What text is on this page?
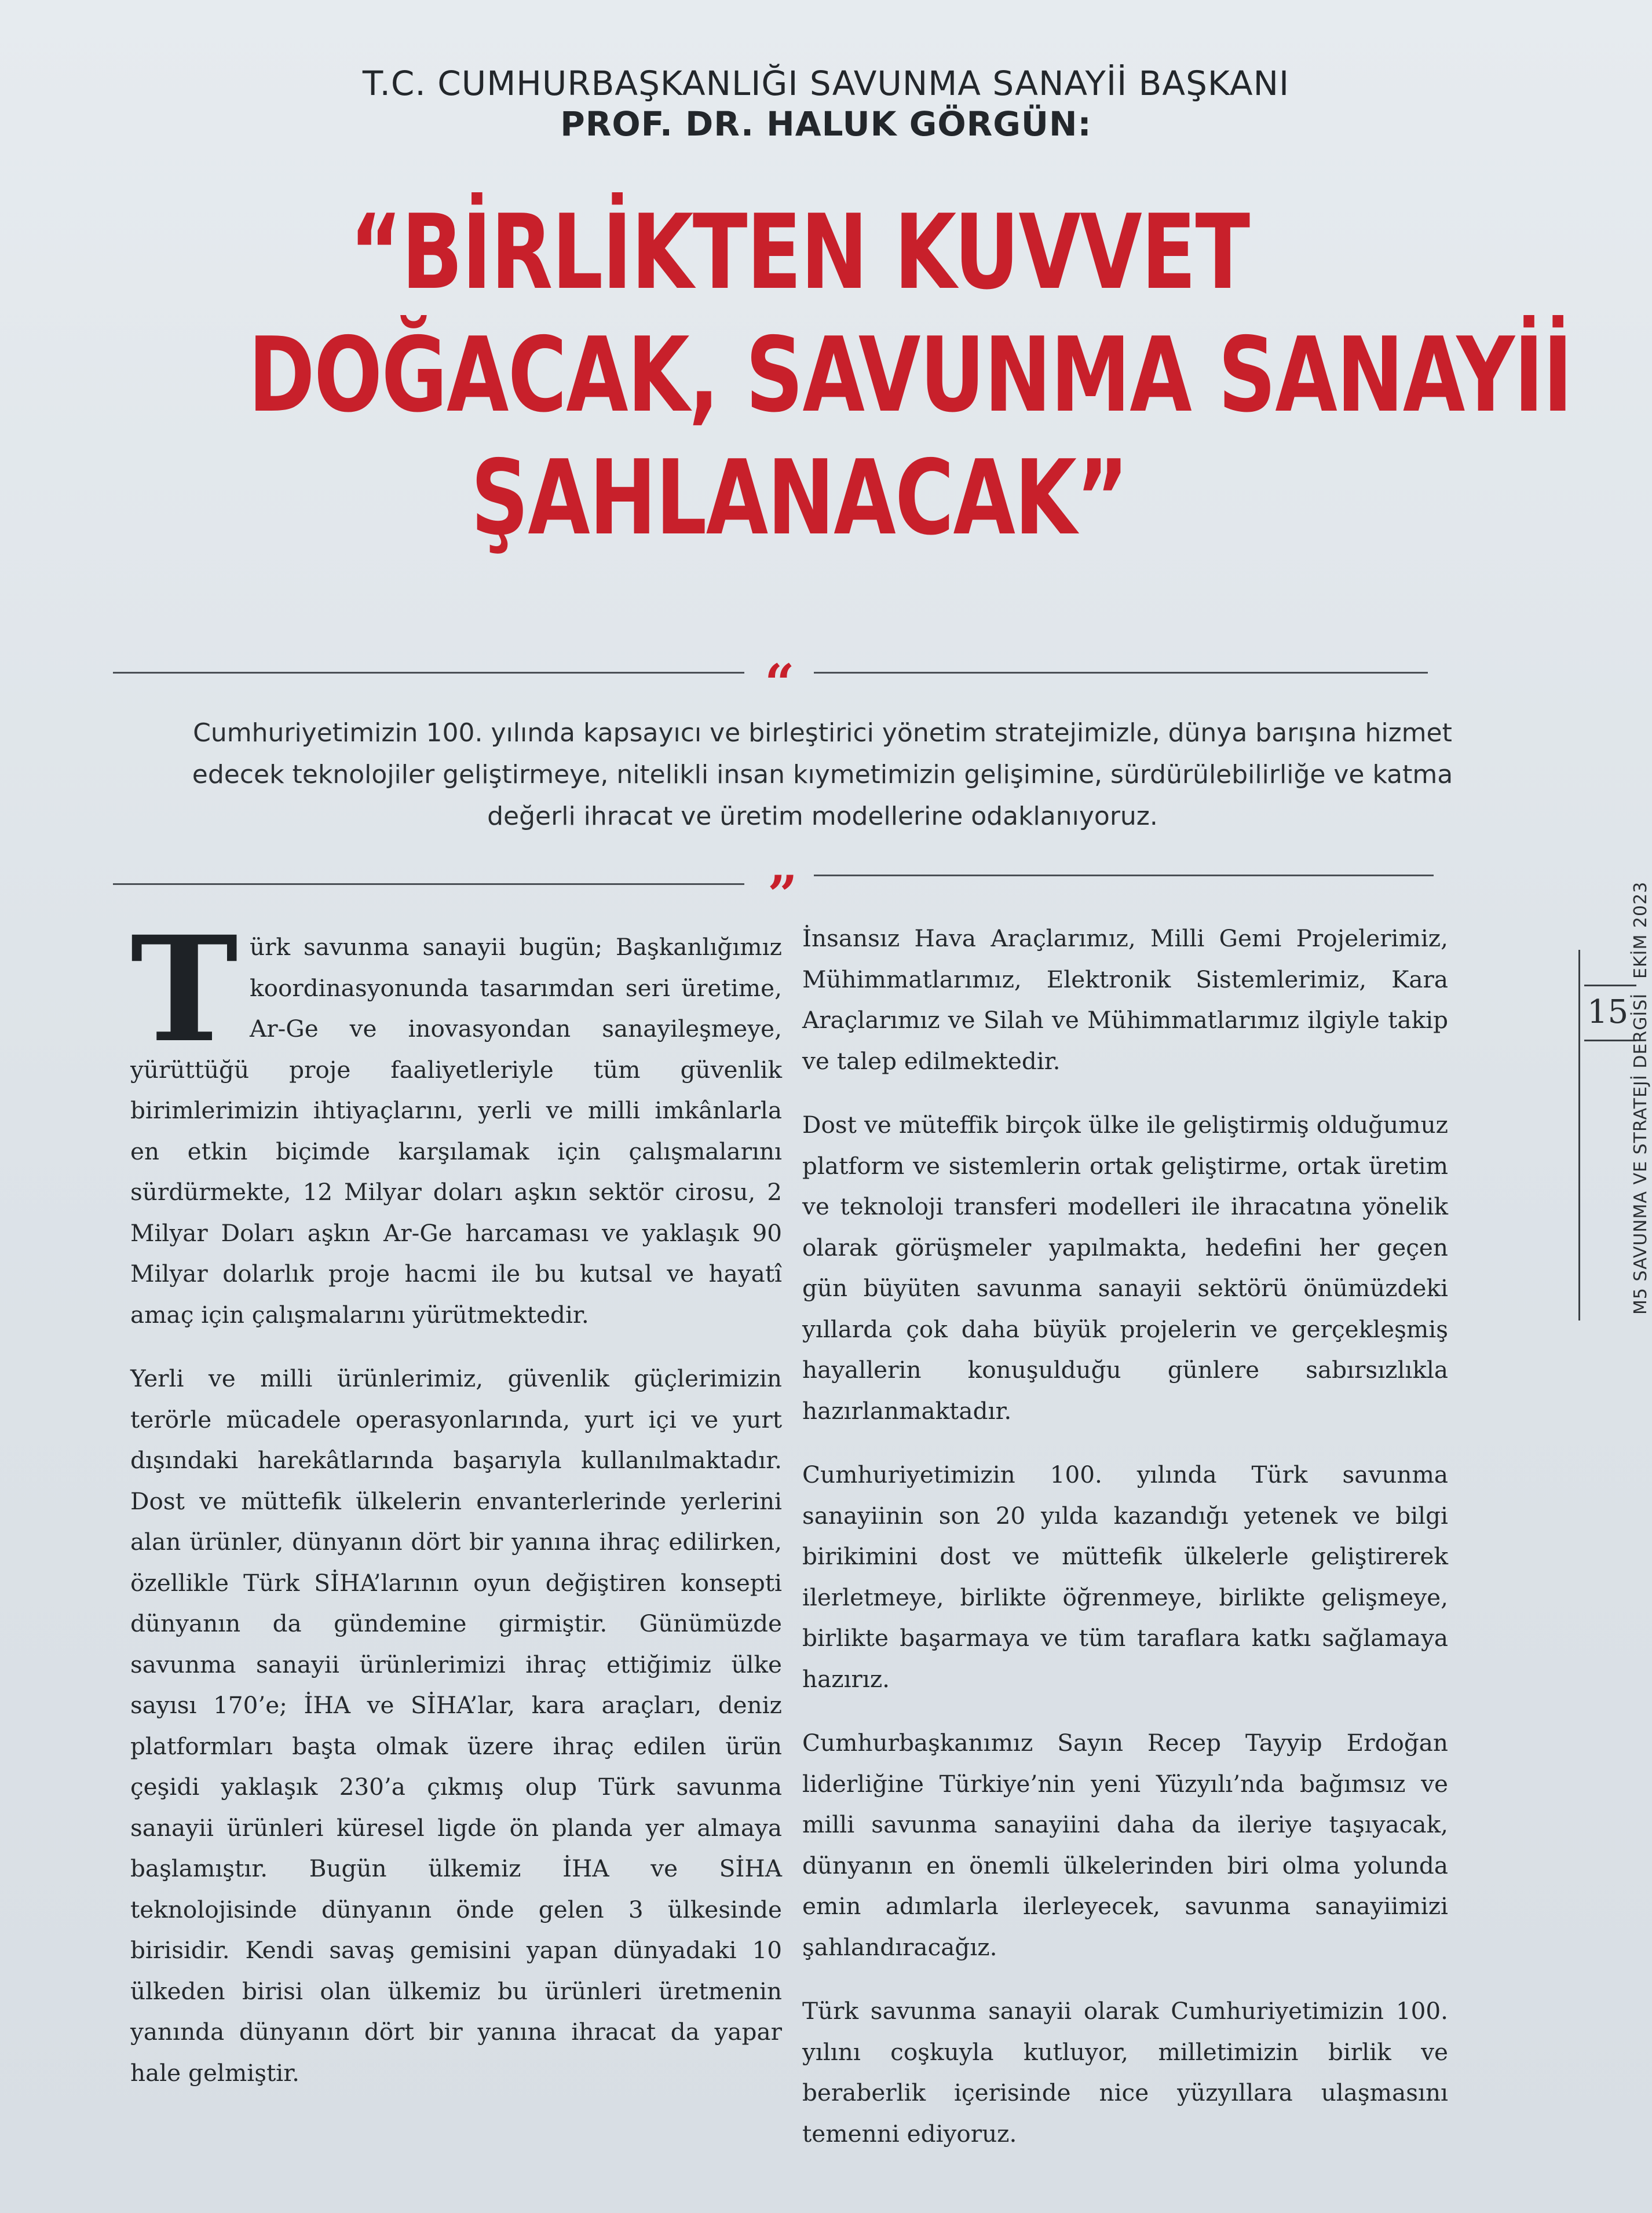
T.C. CUMHURBAŞKANLIĞI SAVUNMA SANAYİİ BAŞKANI
PROF. DR. HALUK GÖRGÜN:
“BİRLİKTEN KUVVET
DOĞACAK, SAVUNMA SANAYİİ
ŞAHLANACAK”
“
Cumhuriyetimizin 100. yılında kapsayıcı ve birleştirici yönetim stratejimizle, dünya barışına hizmet edecek teknolojiler geliştirmeye, nitelikli insan kıymetimizin gelişimine, sürdürülebilirliğe ve katma değerli ihracat ve üretim modellerine odaklanıyoruz.
”

Türk savunma sanayii bugün; Başkanlığımız koordinasyonunda tasarımdan seri üretime, Ar-Ge ve inovasyondan sanayileşmeye, yürüttüğü proje faaliyetleriyle tüm güvenlik birimlerimizin ihtiyaçlarını, yerli ve milli imkânlarla en etkin biçimde karşılamak için çalışmalarını sürdürmekte, 12 Milyar doları aşkın sektör cirosu, 2 Milyar Doları aşkın Ar-Ge harcaması ve yaklaşık 90 Milyar dolarlık proje hacmi ile bu kutsal ve hayatî amaç için çalışmalarını yürütmektedir.

Yerli ve milli ürünlerimiz, güvenlik güçlerimizin terörle mücadele operasyonlarında, yurt içi ve yurt dışındaki harekâtlarında başarıyla kullanılmaktadır. Dost ve müttefik ülkelerin envanterlerinde yerlerini alan ürünler, dünyanın dört bir yanına ihraç edilirken, özellikle Türk SİHA’larının oyun değiştiren konsepti dünyanın da gündemine girmiştir. Günümüzde savunma sanayii ürünlerimizi ihraç ettiğimiz ülke sayısı 170’e; İHA ve SİHA’lar, kara araçları, deniz platformları başta olmak üzere ihraç edilen ürün çeşidi yaklaşık 230’a çıkmış olup Türk savunma sanayii ürünleri küresel ligde ön planda yer almaya başlamıştır. Bugün ülkemiz İHA ve SİHA teknolojisinde dünyanın önde gelen 3 ülkesinde birisidir. Kendi savaş gemisini yapan dünyadaki 10 ülkeden birisi olan ülkemiz bu ürünleri üretmenin yanında dünyanın dört bir yanına ihracat da yapar hale gelmiştir.

İnsansız Hava Araçlarımız, Milli Gemi Projelerimiz, Mühimmatlarımız, Elektronik Sistemlerimiz, Kara Araçlarımız ve Silah ve Mühimmatlarımız ilgiyle takip ve talep edilmektedir.

Dost ve müteffik birçok ülke ile geliştirmiş olduğumuz platform ve sistemlerin ortak geliştirme, ortak üretim ve teknoloji transferi modelleri ile ihracatına yönelik olarak görüşmeler yapılmakta, hedefini her geçen gün büyüten savunma sanayii sektörü önümüzdeki yıllarda çok daha büyük projelerin ve gerçekleşmiş hayallerin konuşulduğu günlere sabırsızlıkla hazırlanmaktadır.

Cumhuriyetimizin 100. yılında Türk savunma sanayiinin son 20 yılda kazandığı yetenek ve bilgi birikimini dost ve müttefik ülkelerle geliştirerek ilerletmeye, birlikte öğrenmeye, birlikte gelişmeye, birlikte başarmaya ve tüm taraflara katkı sağlamaya hazırız.

Cumhurbaşkanımız Sayın Recep Tayyip Erdoğan liderliğine Türkiye’nin yeni Yüzyılı’nda bağımsız ve milli savunma sanayiini daha da ileriye taşıyacak, dünyanın en önemli ülkelerinden biri olma yolunda emin adımlarla ilerleyecek, savunma sanayiimizi şahlandıracağız.

Türk savunma sanayii olarak Cumhuriyetimizin 100. yılını coşkuyla kutluyor, milletimizin birlik ve beraberlik içerisinde nice yüzyıllara ulaşmasını temenni ediyoruz.

EKİM 2023
15 M5 SAVUNMA VE STRATEJİ DERGİSİ
